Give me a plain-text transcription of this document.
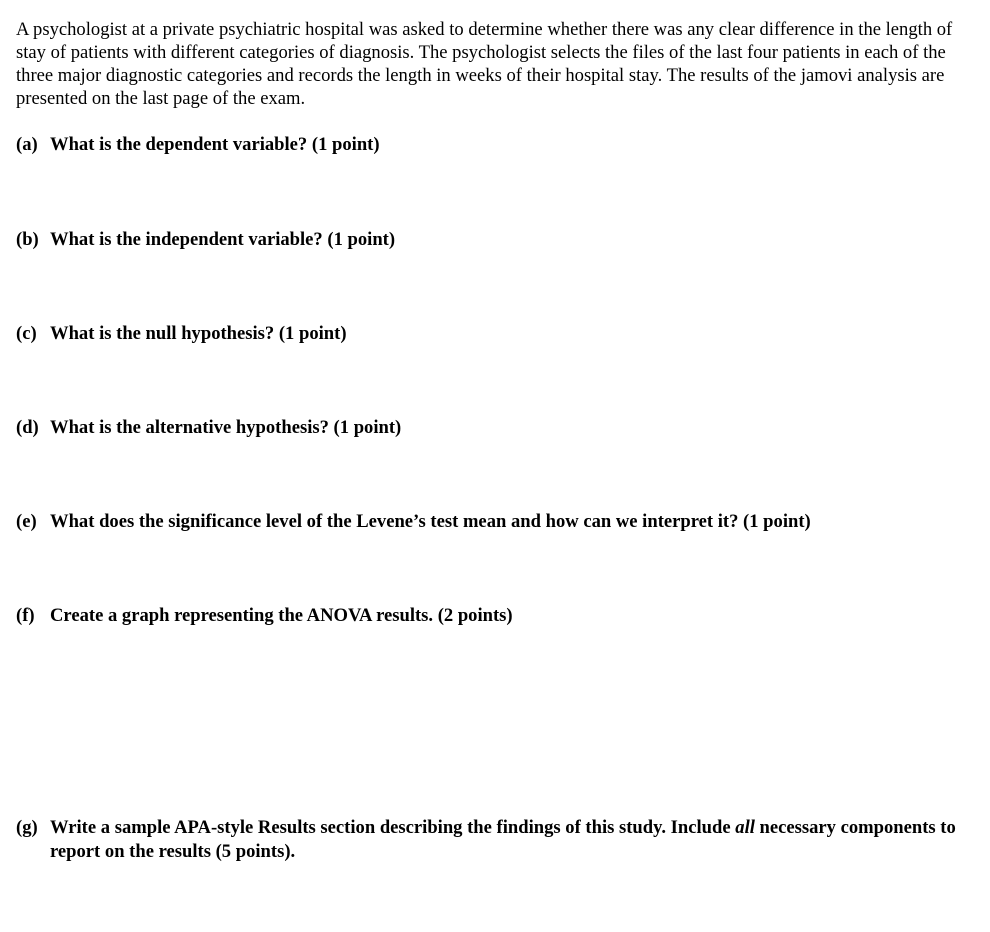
A psychologist at a private psychiatric hospital was asked to determine whether there was any clear difference in the length of stay of patients with different categories of diagnosis. The psychologist selects the files of the last four patients in each of the three major diagnostic categories and records the length in weeks of their hospital stay. The results of the jamovi analysis are presented on the last page of the exam.

(a) What is the dependent variable? (1 point)
(b) What is the independent variable? (1 point)
(c) What is the null hypothesis? (1 point)
(d) What is the alternative hypothesis? (1 point)
(e) What does the significance level of the Levene’s test mean and how can we interpret it? (1 point)
(f) Create a graph representing the ANOVA results. (2 points)
(g) Write a sample APA-style Results section describing the findings of this study. Include all necessary components to report on the results (5 points).
